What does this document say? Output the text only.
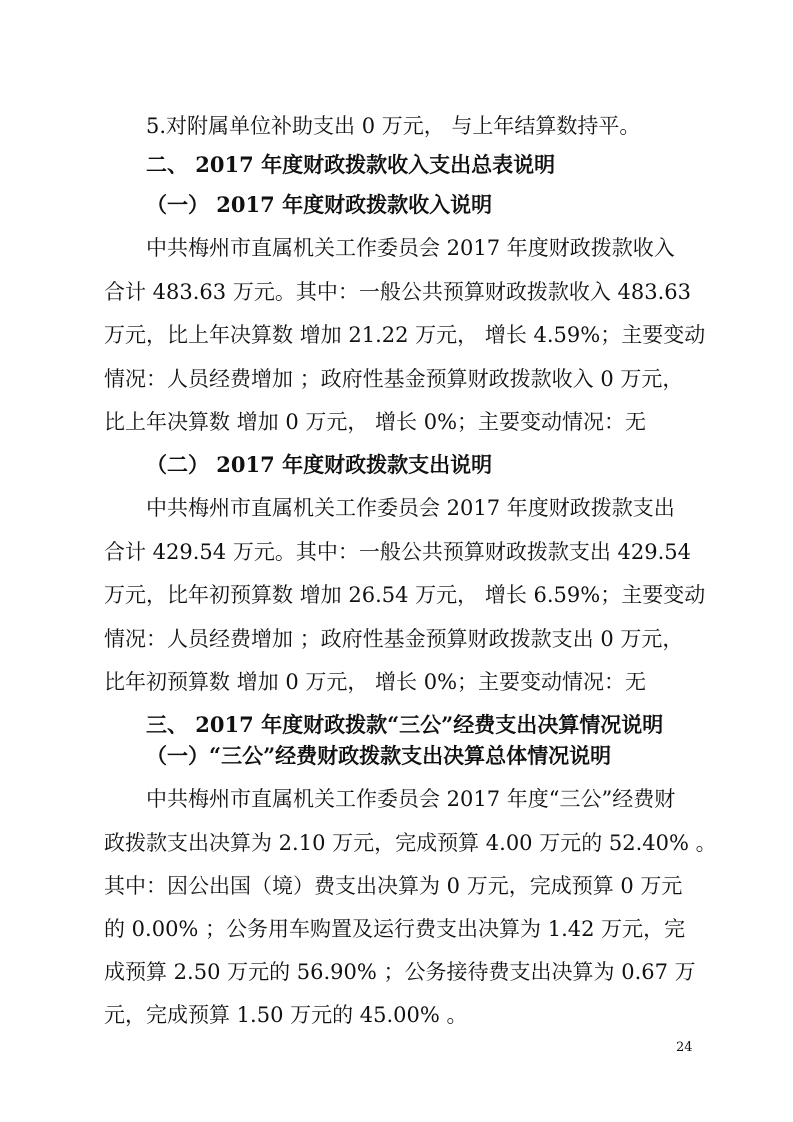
5.对附属单位补助支出 0 万元， 与上年结算数持平。
二、 2017 年度财政拨款收入支出总表说明
（一） 2017 年度财政拨款收入说明
中共梅州市直属机关工作委员会 2017 年度财政拨款收入
合计 483.63 万元。其中：一般公共预算财政拨款收入 483.63
万元，比上年决算数 增加 21.22 万元， 增长 4.59%；主要变动
情况：人员经费增加 ；政府性基金预算财政拨款收入 0 万元，
比上年决算数 增加 0 万元， 增长 0%；主要变动情况：无
（二） 2017 年度财政拨款支出说明
中共梅州市直属机关工作委员会 2017 年度财政拨款支出
合计 429.54 万元。其中：一般公共预算财政拨款支出 429.54
万元，比年初预算数 增加 26.54 万元， 增长 6.59%；主要变动
情况：人员经费增加 ；政府性基金预算财政拨款支出 0 万元，
比年初预算数 增加 0 万元， 增长 0%；主要变动情况：无
三、 2017 年度财政拨款“三公”经费支出决算情况说明
（一）“三公”经费财政拨款支出决算总体情况说明
中共梅州市直属机关工作委员会 2017 年度“三公”经费财
政拨款支出决算为 2.10 万元，完成预算 4.00 万元的 52.40% 。
其中：因公出国（境）费支出决算为 0 万元，完成预算 0 万元
的 0.00% ；公务用车购置及运行费支出决算为 1.42 万元，完
成预算 2.50 万元的 56.90% ；公务接待费支出决算为 0.67 万
元，完成预算 1.50 万元的 45.00% 。
24
